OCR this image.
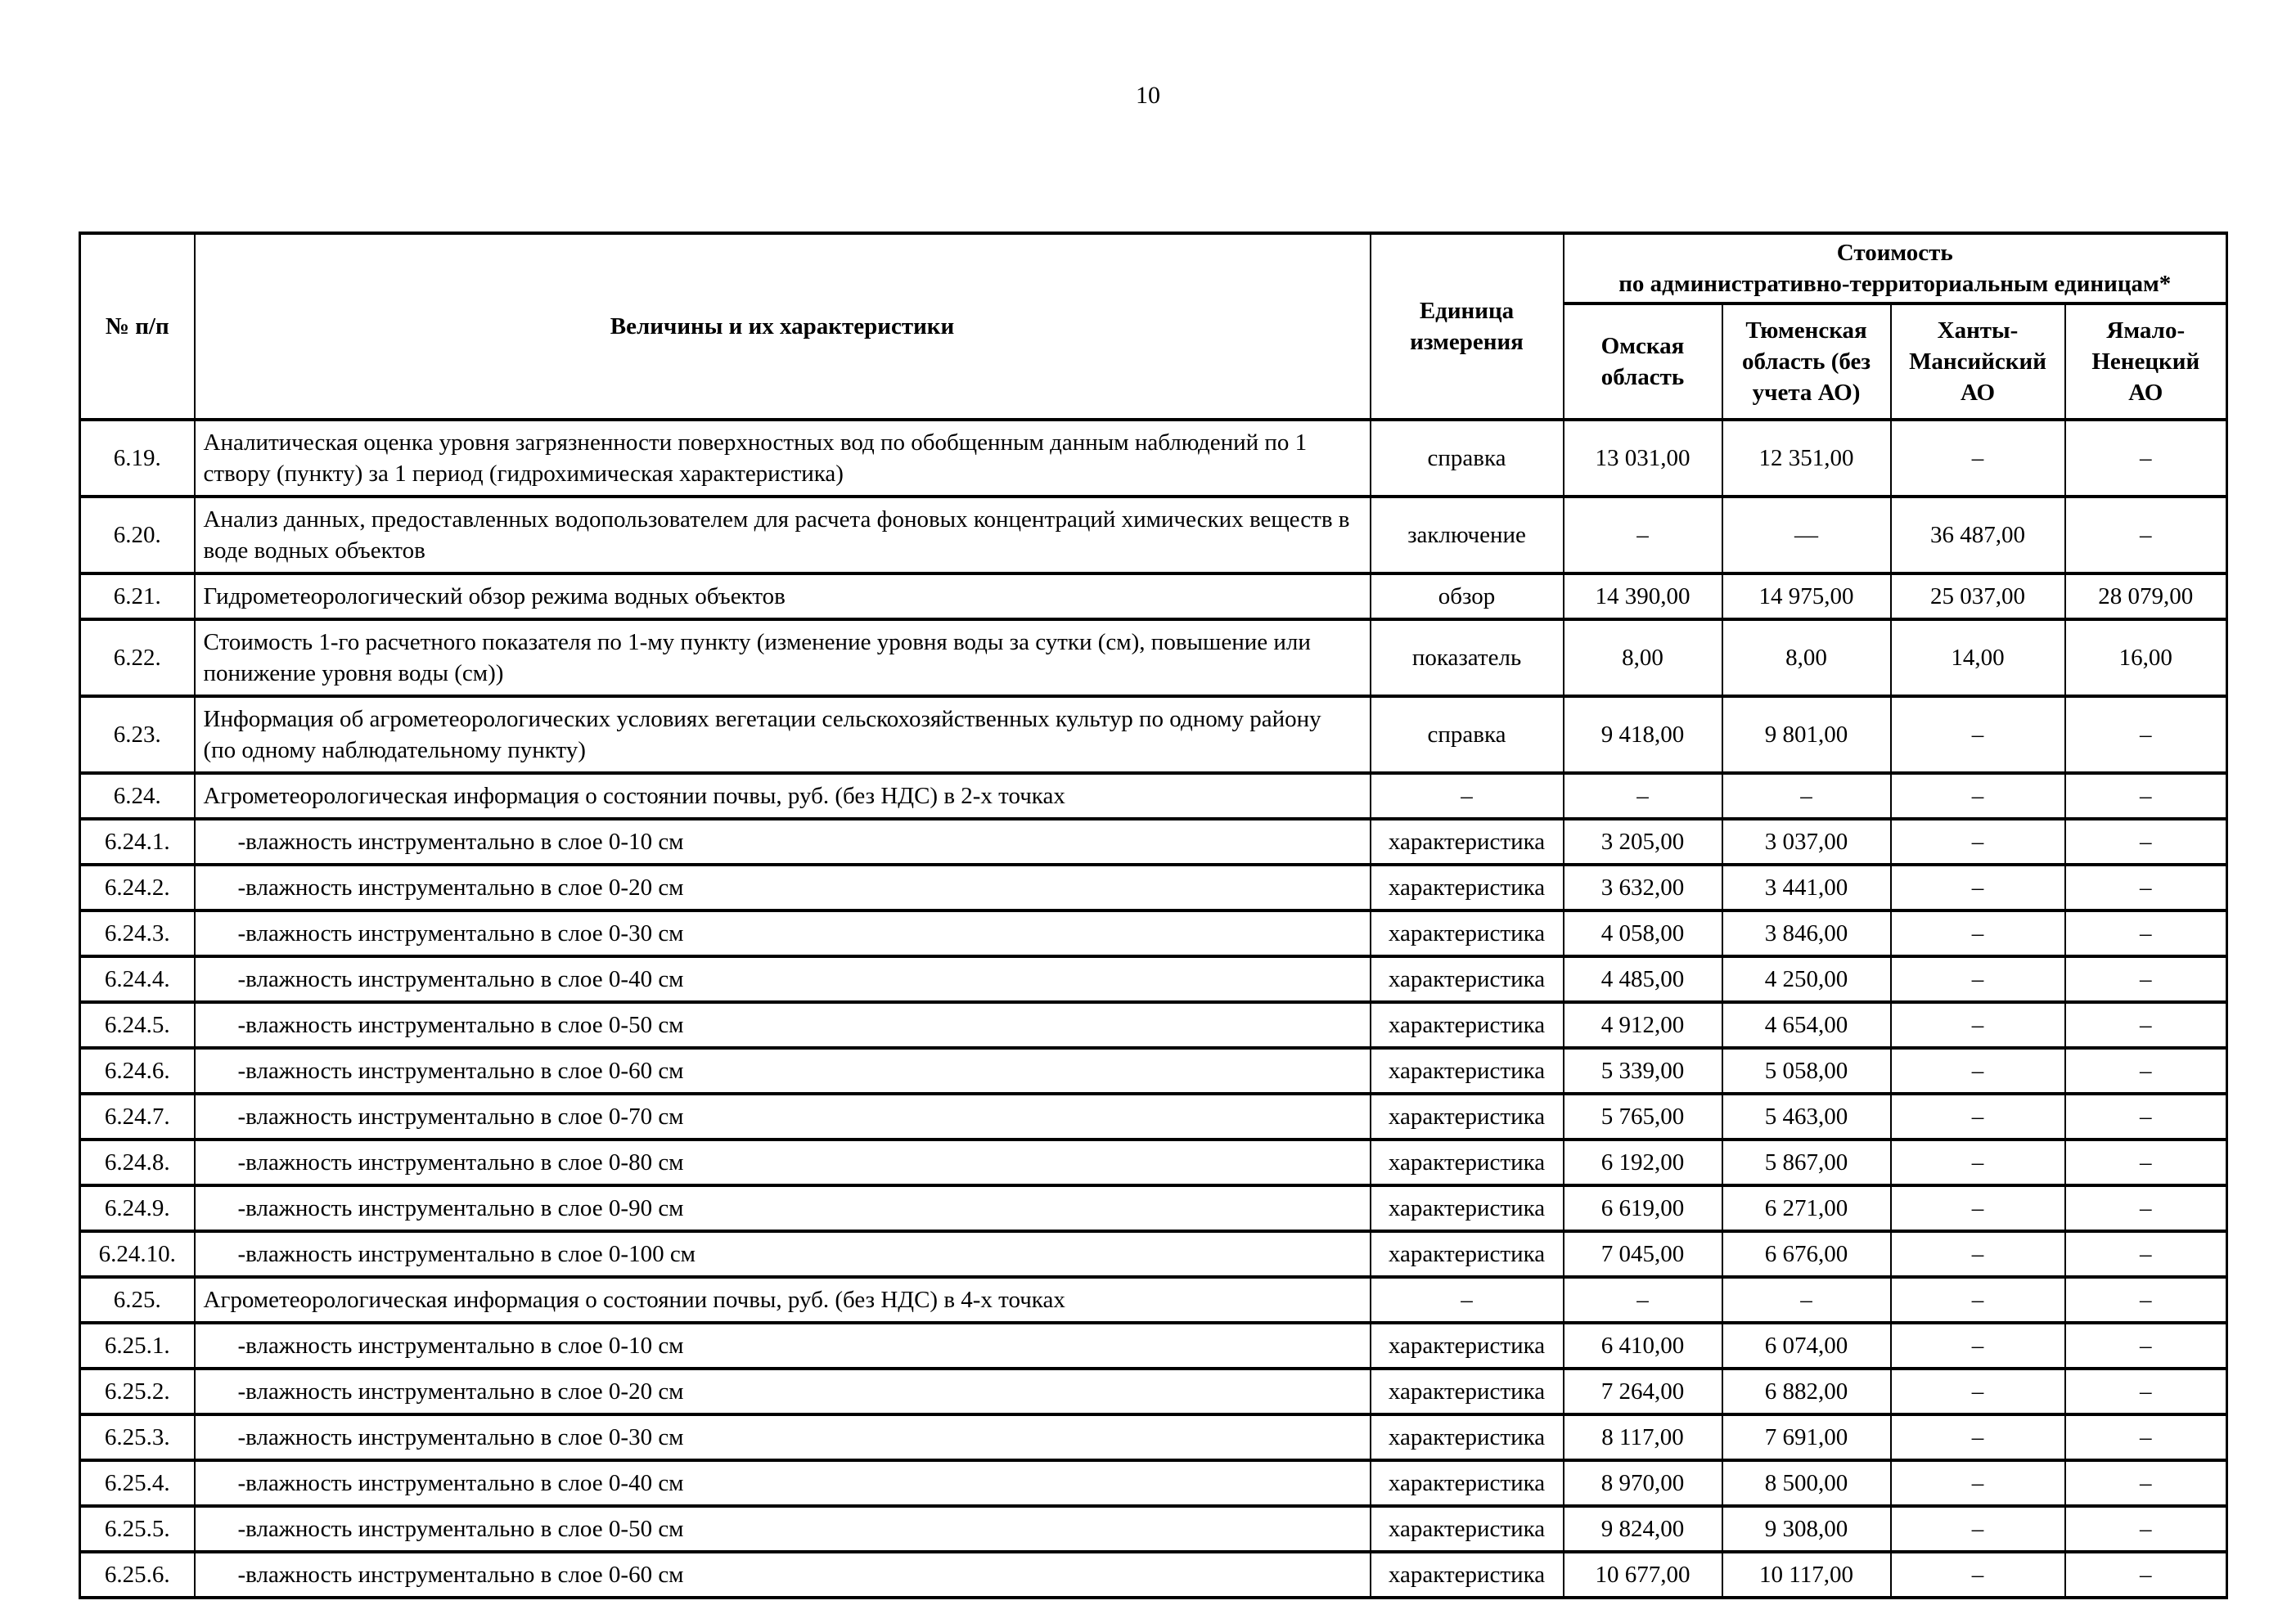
10
№ п/п	Величины и их характеристики	Единица измерения	Стоимость
по административно-территориальным единицам*			

			Омская область	Тюменская область (без учета АО)	Ханты-Мансийский АО	Ямало-Ненецкий АО
6.19.	Аналитическая оценка уровня загрязненности поверхностных вод по обобщенным данным наблюдений по 1 створу (пункту) за 1 период (гидрохимическая характеристика)	справка	13 031,00	12 351,00	–	–
6.20.	Анализ данных, предоставленных водопользователем для расчета фоновых концентраций химических веществ в воде водных объектов	заключение	–	—	36 487,00	–
6.21.	Гидрометеорологический обзор режима водных объектов	обзор	14 390,00	14 975,00	25 037,00	28 079,00
6.22.	Стоимость 1-го расчетного показателя по 1-му пункту (изменение уровня воды за сутки (см), повышение или понижение уровня воды (см))	показатель	8,00	8,00	14,00	16,00
6.23.	Информация об агрометеорологических условиях вегетации сельскохозяйственных культур по одному району (по одному наблюдательному пункту)	справка	9 418,00	9 801,00	–	–
6.24.	Агрометеорологическая информация о состоянии почвы, руб. (без НДС) в 2-х точках	–	–	–	–	–
6.24.1.	-влажность инструментально в слое 0-10 см	характеристика	3 205,00	3 037,00	–	–
6.24.2.	-влажность инструментально в слое 0-20 см	характеристика	3 632,00	3 441,00	–	–
6.24.3.	-влажность инструментально в слое 0-30 см	характеристика	4 058,00	3 846,00	–	–
6.24.4.	-влажность инструментально в слое 0-40 см	характеристика	4 485,00	4 250,00	–	–
6.24.5.	-влажность инструментально в слое 0-50 см	характеристика	4 912,00	4 654,00	–	–
6.24.6.	-влажность инструментально в слое 0-60 см	характеристика	5 339,00	5 058,00	–	–
6.24.7.	-влажность инструментально в слое 0-70 см	характеристика	5 765,00	5 463,00	–	–
6.24.8.	-влажность инструментально в слое 0-80 см	характеристика	6 192,00	5 867,00	–	–
6.24.9.	-влажность инструментально в слое 0-90 см	характеристика	6 619,00	6 271,00	–	–
6.24.10.	-влажность инструментально в слое 0-100 см	характеристика	7 045,00	6 676,00	–	–
6.25.	Агрометеорологическая информация о состоянии почвы, руб. (без НДС) в 4-х точках	–	–	–	–	–
6.25.1.	-влажность инструментально в слое 0-10 см	характеристика	6 410,00	6 074,00	–	–
6.25.2.	-влажность инструментально в слое 0-20 см	характеристика	7 264,00	6 882,00	–	–
6.25.3.	-влажность инструментально в слое 0-30 см	характеристика	8 117,00	7 691,00	–	–
6.25.4.	-влажность инструментально в слое 0-40 см	характеристика	8 970,00	8 500,00	–	–
6.25.5.	-влажность инструментально в слое 0-50 см	характеристика	9 824,00	9 308,00	–	–
6.25.6.	-влажность инструментально в слое 0-60 см	характеристика	10 677,00	10 117,00	–	–
